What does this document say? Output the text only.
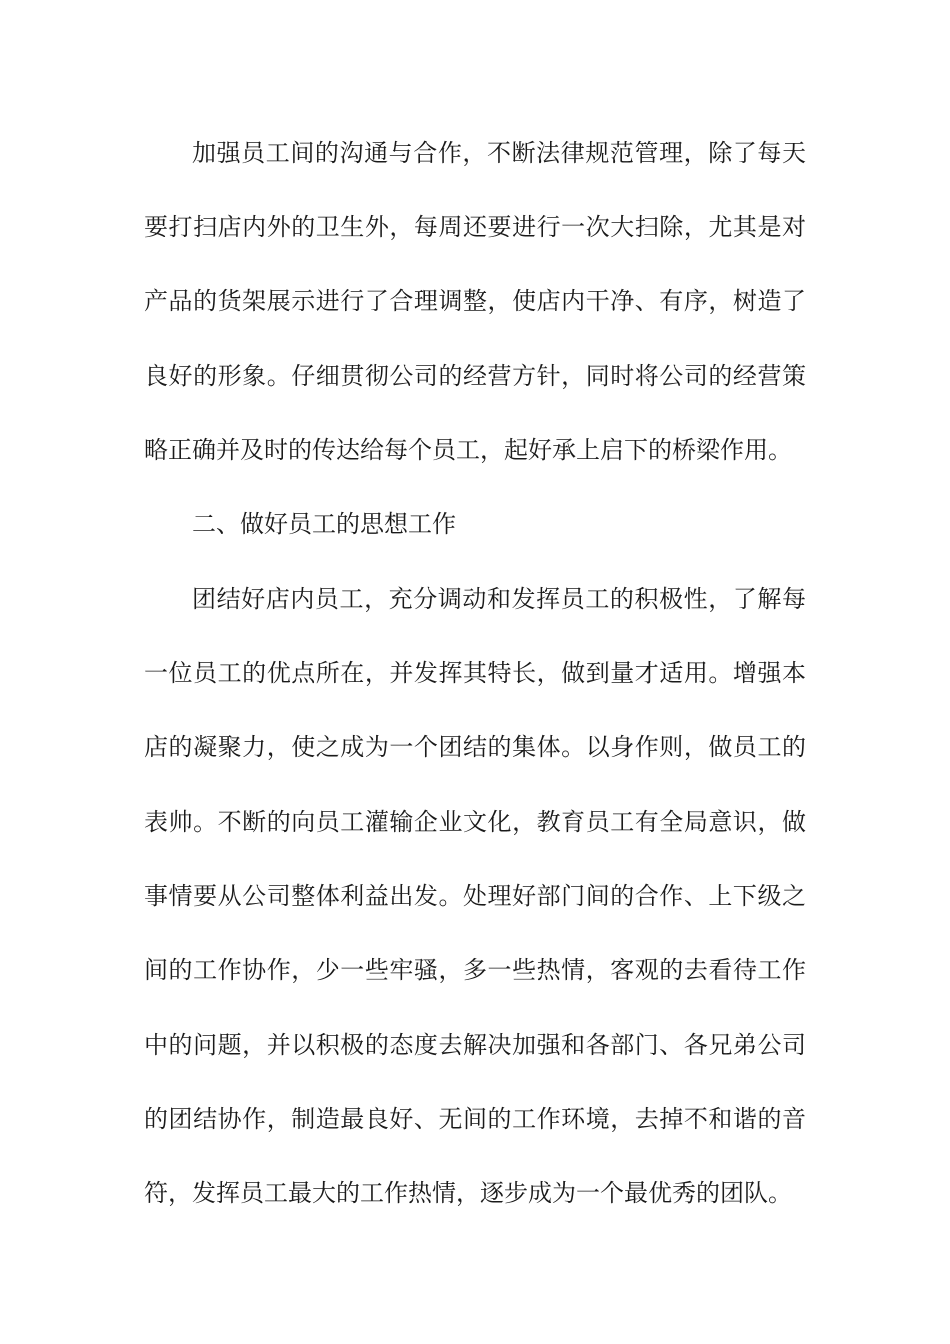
加强员工间的沟通与合作，不断法律规范管理，除了每天
要打扫店内外的卫生外，每周还要进行一次大扫除，尤其是对
产品的货架展示进行了合理调整，使店内干净、有序，树造了
良好的形象。仔细贯彻公司的经营方针，同时将公司的经营策
略正确并及时的传达给每个员工，起好承上启下的桥梁作用。
二、做好员工的思想工作
团结好店内员工，充分调动和发挥员工的积极性，了解每
一位员工的优点所在，并发挥其特长，做到量才适用。增强本
店的凝聚力，使之成为一个团结的集体。以身作则，做员工的
表帅。不断的向员工灌输企业文化，教育员工有全局意识，做
事情要从公司整体利益出发。处理好部门间的合作、上下级之
间的工作协作，少一些牢骚，多一些热情，客观的去看待工作
中的问题，并以积极的态度去解决加强和各部门、各兄弟公司
的团结协作，制造最良好、无间的工作环境，去掉不和谐的音
符，发挥员工最大的工作热情，逐步成为一个最优秀的团队。
